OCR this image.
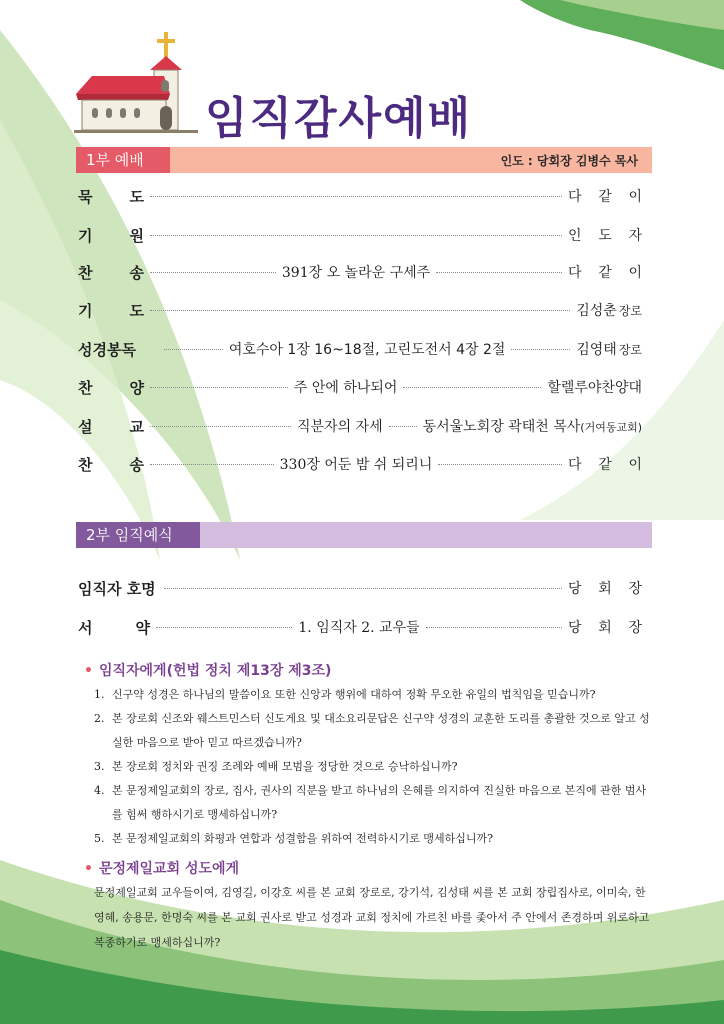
임직감사예배
1부 예배	인도 : 당회장 김병수 목사
묵 도	다 같 이
기 원	인 도 자
찬 송	391장 오 놀라운 구세주	다 같 이
기 도	김성춘 장로
성경봉독	여호수아 1장 16~18절, 고린도전서 4장 2절	김영태 장로
찬 양	주 안에 하나되어	할렐루야찬양대
설 교	직분자의 자세	동서울노회장 곽태천 목사 (거여동교회)
찬 송	330장 어둔 밤 쉬 되리니	다 같 이
2부 임직예식
임직자 호명	당 회 장
서	약	1. 임직자 2. 교우들	당 회 장
• 임직자에게(헌법 정치 제13장 제3조)
1. 신구약 성경은 하나님의 말씀이요 또한 신앙과 행위에 대하여 정확 무오한 유일의 법칙임을 믿습니까?
2. 본 장로회 신조와 웨스트민스터 신도게요 및 대소요리문답은 신구약 성경의 교훈한 도리를 총괄한 것으로 알고 성실한 마음으로 받아 믿고 따르겠습니까?
3. 본 장로회 정치와 권징 조례와 예배 모범을 정당한 것으로 승낙하십니까?
4. 본 문정제일교회의 장로, 집사, 권사의 직분을 받고 하나님의 은혜를 의지하여 진실한 마음으로 본직에 관한 범사를 힘써 행하시기로 맹세하십니까?
5. 본 문정제일교회의 화평과 연합과 성결함을 위하여 전력하시기로 맹세하십니까?
• 문정제일교회 성도에게
문정제일교회 교우들이여, 김영길, 이강호 씨를 본 교회 장로로, 강기석, 김성태 씨를 본 교회 장립집사로, 이미숙, 한영혜, 송용문, 한명숙 씨를 본 교회 권사로 받고 성경과 교회 정치에 가르친 바를 좇아서 주 안에서 존경하며 위로하고 복종하기로 맹세하십니까?
